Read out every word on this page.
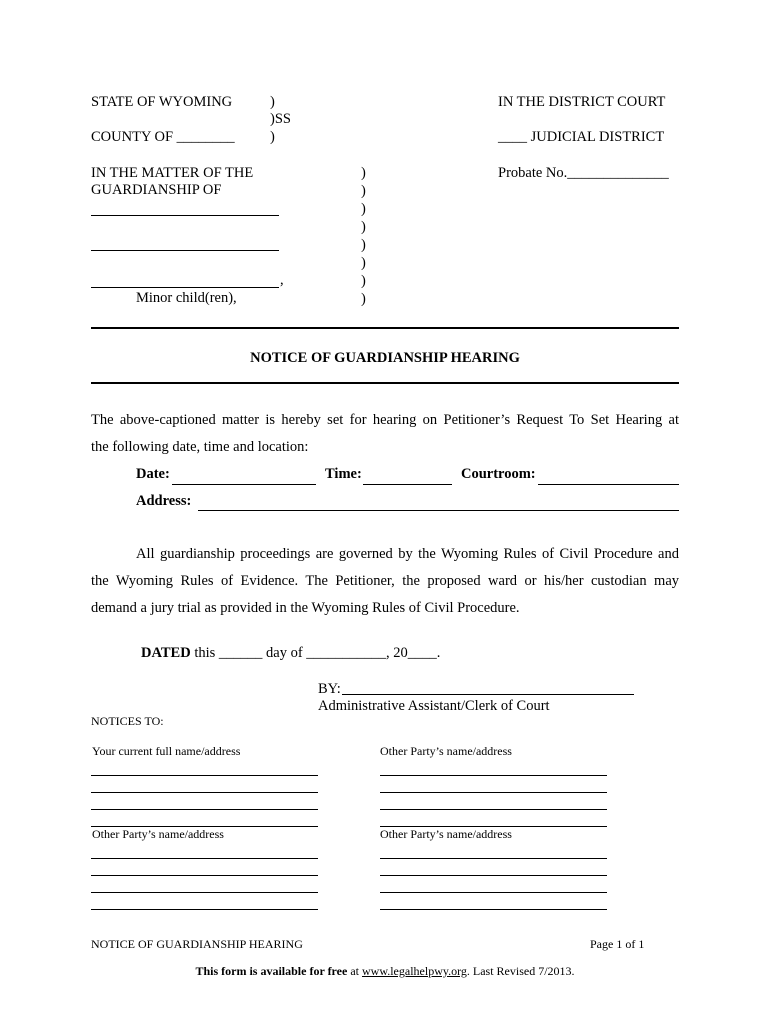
STATE OF WYOMING	)
)SS
COUNTY OF ________ )
IN THE DISTRICT COURT
____ JUDICIAL DISTRICT
IN THE MATTER OF THE
GUARDIANSHIP OF
,
Minor child(ren),
)
)
)
)
)
)
)
)
Probate No.______________
NOTICE OF GUARDIANSHIP HEARING
The above-captioned matter is hereby set for hearing on Petitioner’s Request To Set Hearing at
the following date, time and location:
Date:	Time:	Courtroom:
Address:
All guardianship proceedings are governed by the Wyoming Rules of Civil Procedure and
the Wyoming Rules of Evidence. The Petitioner, the proposed ward or his/her custodian may
demand a jury trial as provided in the Wyoming Rules of Civil Procedure.
DATED this ______ day of ___________, 20____.
BY:
Administrative Assistant/Clerk of Court
NOTICES TO:
Your current full name/address	Other Party’s name/address
Other Party’s name/address	Other Party’s name/address
NOTICE OF GUARDIANSHIP HEARING	Page 1 of 1
This form is available for free at www.legalhelpwy.org. Last Revised 7/2013.
